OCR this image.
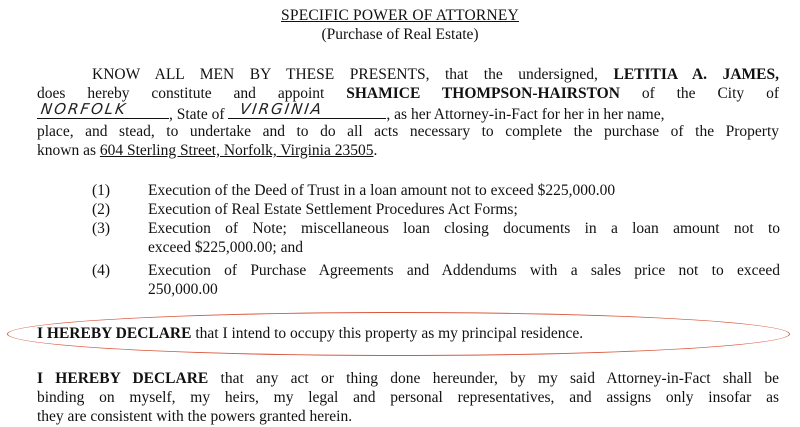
SPECIFIC POWER OF ATTORNEY
(Purchase of Real Estate)
KNOW ALL MEN BY THESE PRESENTS, that the undersigned, LETITIA A. JAMES,
does hereby constitute and appoint SHAMICE THOMPSON-HAIRSTON of the City of
NORFOLK	, State of VIRGINIA	, as her Attorney-in-Fact for her in her name,
place, and stead, to undertake and to do all acts necessary to complete the purchase of the Property
known as 604 Sterling Street, Norfolk, Virginia 23505.
(1) Execution of the Deed of Trust in a loan amount not to exceed $225,000.00
(2) Execution of Real Estate Settlement Procedures Act Forms;
(3) Execution of Note; miscellaneous loan closing documents in a loan amount not to
exceed $225,000.00; and
(4) Execution of Purchase Agreements and Addendums with a sales price not to exceed
250,000.00
I HEREBY DECLARE that I intend to occupy this property as my principal residence.
I HEREBY DECLARE that any act or thing done hereunder, by my said Attorney-in-Fact shall be
binding on myself, my heirs, my legal and personal representatives, and assigns only insofar as
they are consistent with the powers granted herein.
